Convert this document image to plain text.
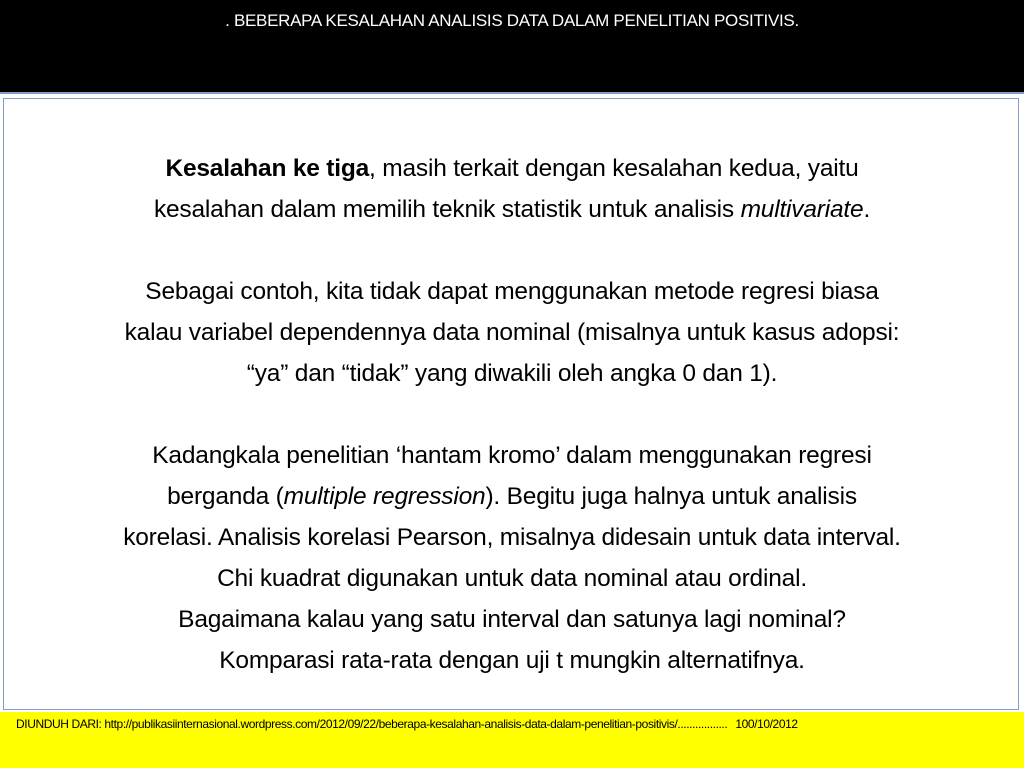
. BEBERAPA KESALAHAN ANALISIS DATA DALAM PENELITIAN POSITIVIS.

Kesalahan ke tiga, masih terkait dengan kesalahan kedua, yaitu
kesalahan dalam memilih teknik statistik untuk analisis multivariate.

Sebagai contoh, kita tidak dapat menggunakan metode regresi biasa
kalau variabel dependennya data nominal (misalnya untuk kasus adopsi:
“ya” dan “tidak” yang diwakili oleh angka 0 dan 1).

Kadangkala penelitian ‘hantam kromo’ dalam menggunakan regresi
berganda (multiple regression). Begitu juga halnya untuk analisis
korelasi. Analisis korelasi Pearson, misalnya didesain untuk data interval.
Chi kuadrat digunakan untuk data nominal atau ordinal.
Bagaimana kalau yang satu interval dan satunya lagi nominal?
Komparasi rata-rata dengan uji t mungkin alternatifnya.

DIUNDUH DARI: http://publikasiinternasional.wordpress.com/2012/09/22/beberapa-kesalahan-analisis-data-dalam-penelitian-positivis/................. 100/10/2012
